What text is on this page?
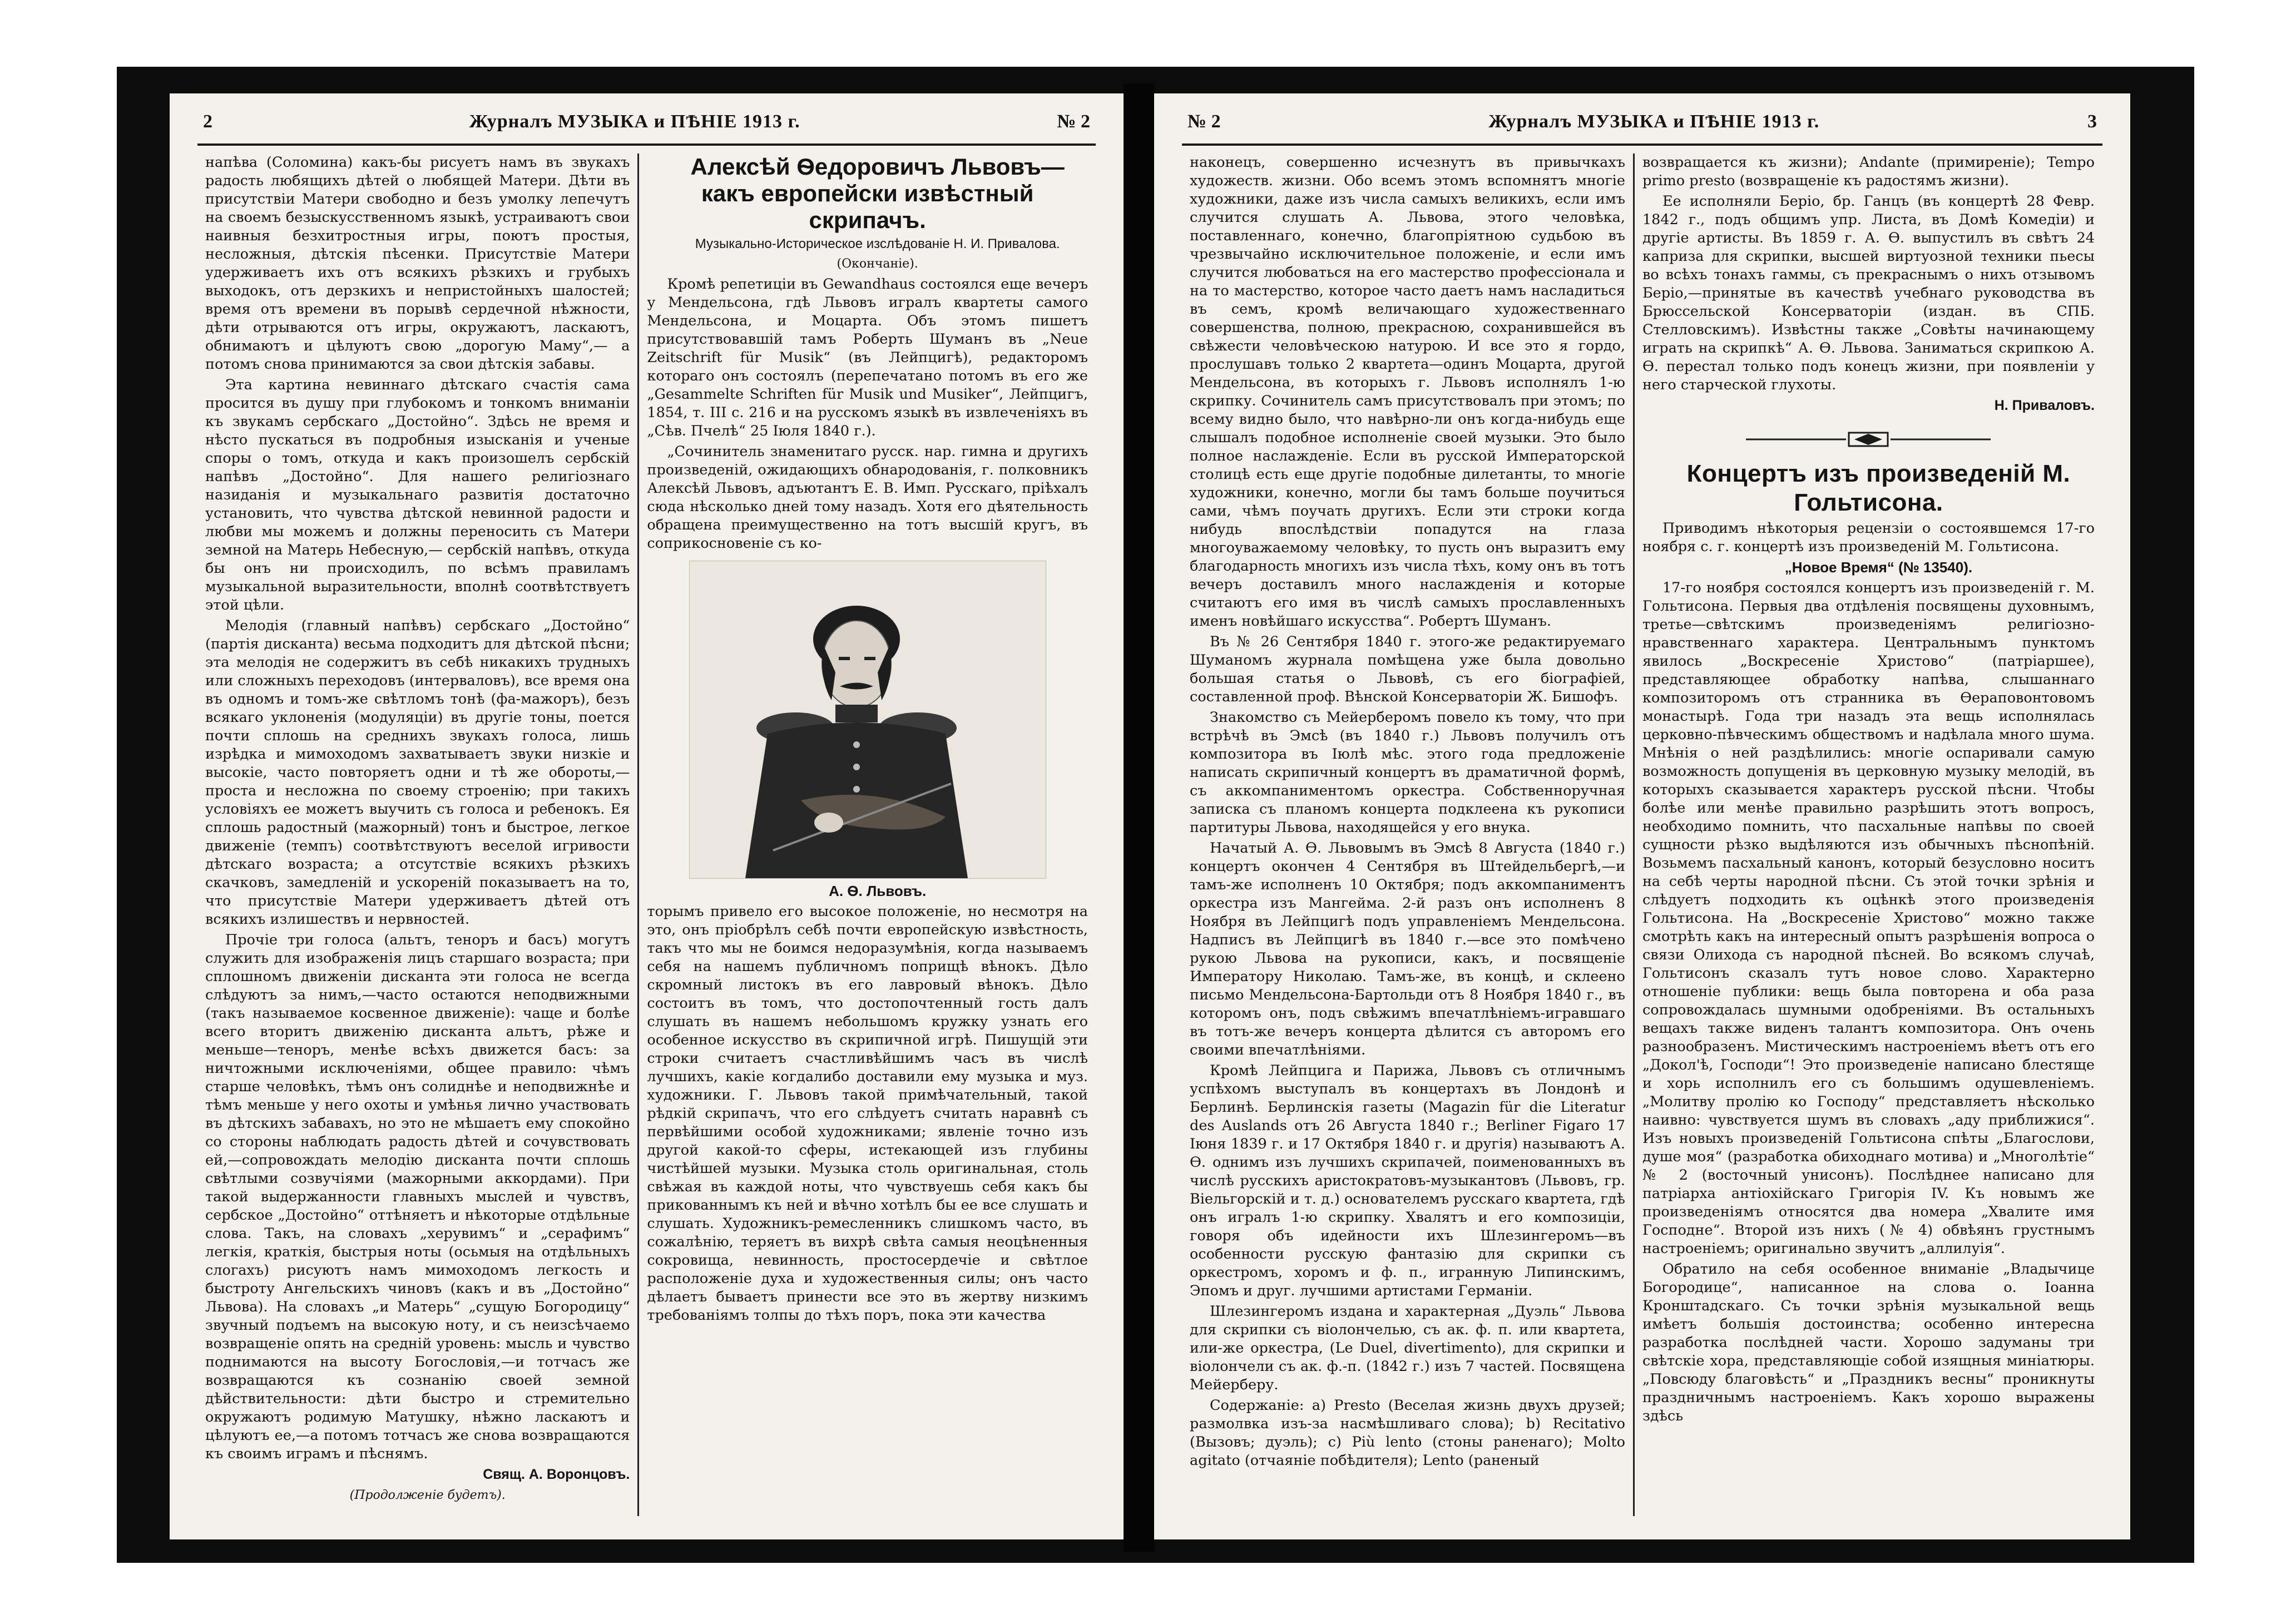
2	Журналъ МУЗЫКА и ПѢНІЕ 1913 г.	№ 2

напѣва (Соломина) какъ-бы рисуетъ намъ въ звукахъ радость любящихъ дѣтей о любящей Матери. Дѣти въ присутствіи Матери свободно и безъ умолку лепечутъ на своемъ безыскусственномъ языкѣ, устраиваютъ свои наивныя безхитростныя игры, поютъ простыя, несложныя, дѣтскія пѣсенки. Присутствіе Матери удерживаетъ ихъ отъ всякихъ рѣзкихъ и грубыхъ выходокъ, отъ дерзкихъ и непристойныхъ шалостей; время отъ времени въ порывѣ сердечной нѣжности, дѣти отрываются отъ игры, окружаютъ, ласкаютъ, обнимаютъ и цѣлуютъ свою „дорогую Маму“,— а потомъ снова принимаются за свои дѣтскія забавы.

Эта картина невиннаго дѣтскаго счастія сама просится въ душу при глубокомъ и тонкомъ вниманіи къ звукамъ сербскаго „Достойно“. Здѣсь не время и нѣсто пускаться въ подробныя изысканія и ученые споры о томъ, откуда и какъ произошелъ сербскій напѣвъ „Достойно“. Для нашего религіознаго назиданія и музыкальнаго развитія достаточно установить, что чувства дѣтской невинной радости и любви мы можемъ и должны переносить съ Матери земной на Матерь Небесную,— сербскій напѣвъ, откуда бы онъ ни происходилъ, по всѣмъ правиламъ музыкальной выразительности, вполнѣ соотвѣтствуетъ этой цѣли.

Мелодія (главный напѣвъ) сербскаго „Достойно“ (партія дисканта) весьма подходитъ для дѣтской пѣсни; эта мелодія не содержитъ въ себѣ никакихъ трудныхъ или сложныхъ переходовъ (интерваловъ), все время она въ одномъ и томъ-же свѣтломъ тонѣ (фа-мажоръ), безъ всякаго уклоненія (модуляціи) въ другіе тоны, поется почти сплошь на среднихъ звукахъ голоса, лишь изрѣдка и мимоходомъ захватываетъ звуки низкіе и высокіе, часто повторяетъ одни и тѣ же обороты,—проста и несложна по своему строенію; при такихъ условіяхъ ее можетъ выучить съ голоса и ребенокъ. Ея сплошь радостный (мажорный) тонъ и быстрое, легкое движеніе (темпъ) соотвѣтствуютъ веселой игривости дѣтскаго возраста; а отсутствіе всякихъ рѣзкихъ скачковъ, замедленій и ускореній показываетъ на то, что присутствіе Матери удерживаетъ дѣтей отъ всякихъ излишествъ и нервностей.

Прочіе три голоса (альтъ, теноръ и басъ) могутъ служить для изображенія лицъ старшаго возраста; при сплошномъ движеніи дисканта эти голоса не всегда слѣдуютъ за нимъ,—часто остаются неподвижными (такъ называемое косвенное движеніе): чаще и болѣе всего вторитъ движенію дисканта альтъ, рѣже и меньше—теноръ, менѣе всѣхъ движется басъ: за ничтожными исключеніями, общее правило: чѣмъ старше человѣкъ, тѣмъ онъ солиднѣе и неподвижнѣе и тѣмъ меньше у него охоты и умѣнья лично участвовать въ дѣтскихъ забавахъ, но это не мѣшаетъ ему спокойно со стороны наблюдать радость дѣтей и сочувствовать ей,—сопровождать мелодію дисканта почти сплошь свѣтлыми созвучіями (мажорными аккордами). При такой выдержанности главныхъ мыслей и чувствъ, сербское „Достойно“ оттѣняетъ и нѣкоторые отдѣльные слова. Такъ, на словахъ „херувимъ“ и „серафимъ“ легкія, краткія, быстрыя ноты (осьмыя на отдѣльныхъ слогахъ) рисуютъ намъ мимоходомъ легкость и быстроту Ангельскихъ чиновъ (какъ и въ „Достойно“ Львова). На словахъ „и Матерь“ „сущую Богородицу“ звучный подъемъ на высокую ноту, и съ неизсѣчаемо возвращеніе опять на средній уровень: мысль и чувство поднимаются на высоту Богословія,—и тотчасъ же возвращаются къ сознанію своей земной дѣйствительности: дѣти быстро и стремительно окружаютъ родимую Матушку, нѣжно ласкаютъ и цѣлуютъ ее,—а потомъ тотчасъ же снова возвращаются къ своимъ играмъ и пѣснямъ.

Свящ. А. Воронцовъ.

(Продолженіе будетъ).

Алексѣй Ѳедоровичъ Львовъ—какъ европейски извѣстный скрипачъ.

Музыкально-Историческое изслѣдованіе Н. И. Привалова.

(Окончаніе).

Кромѣ репетиціи въ Gewandhaus состоялся еще вечеръ у Мендельсона, гдѣ Львовъ игралъ квартеты самого Мендельсона, и Моцарта. Объ этомъ пишетъ присутствовавшій тамъ Роберть Шуманъ въ „Neue Zeitschrift für Musik“ (въ Лейпцигѣ), редакторомъ котораго онъ состоялъ (перепечатано потомъ въ его же „Gesammelte Schriften für Musik und Musiker“, Лейпцигъ, 1854, т. III с. 216 и на русскомъ языкѣ въ извлеченіяхъ въ „Сѣв. Пчелѣ“ 25 Іюля 1840 г.).

„Сочинитель знаменитаго русск. нар. гимна и другихъ произведеній, ожидающихъ обнародованія, г. полковникъ Алексѣй Львовъ, адъютантъ Е. В. Имп. Русскаго, пріѣхалъ сюда нѣсколько дней тому назадъ. Хотя его дѣятельность обращена преимущественно на тотъ высшій кругъ, въ соприкосновеніе съ ко-

А. Ѳ. Львовъ.

торымъ привело его высокое положеніе, но несмотря на это, онъ пріобрѣлъ себѣ почти европейскую извѣстность, такъ что мы не боимся недоразумѣнія, когда называемъ себя на нашемъ публичномъ поприщѣ вѣнокъ. Дѣло скромный листокъ въ его лавровый вѣнокъ. Дѣло состоитъ въ томъ, что достопочтенный гость далъ слушать въ нашемъ небольшомъ кружку узнать его особенное искусство въ скрипичной игрѣ. Пишущій эти строки считаетъ счастливѣйшимъ часъ въ числѣ лучшихъ, какіе когдалибо доставили ему музыка и муз. художники. Г. Львовъ такой примѣчательный, такой рѣдкій скрипачъ, что его слѣдуетъ считать наравнѣ съ первѣйшими особой художниками; явленіе точно изъ другой какой-то сферы, истекающей изъ глубины чистѣйшей музыки. Музыка столь оригинальная, столь свѣжая въ каждой ноты, что чувствуешь себя какъ бы прикованнымъ къ ней и вѣчно хотѣлъ бы ее все слушать и слушать. Художникъ-ремесленникъ слишкомъ часто, въ сожалѣнію, теряетъ въ вихрѣ свѣта самыя неоцѣненныя сокровища, невинность, простосердечіе и свѣтлое расположеніе духа и художественныя силы; онъ часто дѣлаетъ бываетъ принести все это въ жертву низкимъ требованіямъ толпы до тѣхъ поръ, пока эти качества

№ 2	Журналъ МУЗЫКА и ПѢНІЕ 1913 г.	3

наконецъ, совершенно исчезнутъ въ привычкахъ художеств. жизни. Обо всемъ этомъ вспомнятъ многіе художники, даже изъ числа самыхъ великихъ, если имъ случится слушать А. Львова, этого человѣка, поставленнаго, конечно, благопріятною судьбою въ чрезвычайно исключительное положеніе, и если имъ случится любоваться на его мастерство профессіонала и на то мастерство, которое часто даетъ намъ насладиться въ семъ, кромѣ величающаго художественнаго совершенства, полною, прекрасною, сохранившейся въ свѣжести человѣческою натурою. И все это я гордо, прослушавъ только 2 квартета—одинъ Моцарта, другой Мендельсона, въ которыхъ г. Львовъ исполнялъ 1-ю скрипку. Сочинитель самъ присутствовалъ при этомъ; по всему видно было, что навѣрно-ли онъ когда-нибудь еще слышалъ подобное исполненіе своей музыки. Это было полное наслажденіе. Если въ русской Императорской столицѣ есть еще другіе подобные дилетанты, то многіе художники, конечно, могли бы тамъ больше поучиться сами, чѣмъ поучать другихъ. Если эти строки когда нибудь впослѣдствіи попадутся на глаза многоуважаемому человѣку, то пусть онъ выразитъ ему благодарность многихъ изъ числа тѣхъ, кому онъ въ тотъ вечеръ доставилъ много наслажденія и которые считаютъ его имя въ числѣ самыхъ прославленныхъ именъ новѣйшаго искусства“. Робертъ Шуманъ.

Въ № 26 Сентября 1840 г. этого-же редактируемаго Шуманомъ журнала помѣщена уже была довольно большая статья о Львовѣ, съ его біографіей, составленной проф. Вѣнской Консерваторіи Ж. Бишофъ.

Знакомство съ Мейерберомъ повело къ тому, что при встрѣчѣ въ Эмсѣ (въ 1840 г.) Львовъ получилъ отъ композитора въ Іюлѣ мѣс. этого года предложеніе написать скрипичный концертъ въ драматичной формѣ, съ аккомпаниментомъ оркестра. Собственноручная записка съ планомъ концерта подклеена къ рукописи партитуры Львова, находящейся у его внука.

Начатый А. Ѳ. Львовымъ въ Эмсѣ 8 Августа (1840 г.) концертъ окончен 4 Сентября въ Штейдельбергѣ,—и тамъ-же исполненъ 10 Октября; подъ аккомпаниментъ оркестра изъ Мангейма. 2-й разъ онъ исполненъ 8 Ноября въ Лейпцигѣ подъ управленіемъ Мендельсона. Надписъ въ Лейпцигѣ въ 1840 г.—все это помѣчено рукою Львова на рукописи, какъ, и посвященіе Императору Николаю. Тамъ-же, въ концѣ, и склеено письмо Мендельсона-Бартольди отъ 8 Ноября 1840 г., въ которомъ онъ, подъ свѣжимъ впечатлѣніемъ-игравшаго въ тотъ-же вечеръ концерта дѣлится съ авторомъ его своими впечатлѣніями.

Кромѣ Лейпцига и Парижа, Львовъ съ отличнымъ успѣхомъ выступалъ въ концертахъ въ Лондонѣ и Берлинѣ. Берлинскія газеты (Magazin für die Literatur des Auslands отъ 26 Августа 1840 г.; Berliner Figaro 17 Іюня 1839 г. и 17 Октября 1840 г. и другія) называютъ А. Ѳ. однимъ изъ лучшихъ скрипачей, поименованныхъ въ числѣ русскихъ аристократовъ-музыкантовъ (Львовъ, гр. Віельгорскій и т. д.) основателемъ русскаго квартета, гдѣ онъ игралъ 1-ю скрипку. Хвалятъ и его композиціи, говоря объ идейности ихъ Шлезингеромъ—въ особенности русскую фантазію для скрипки съ оркестромъ, хоромъ и ф. п., игранную Липинскимъ, Эпомъ и друг. лучшими артистами Германіи.

Шлезингеромъ издана и характерная „Дуэль“ Львова для скрипки съ віолончелью, съ ак. ф. п. или квартета, или-же оркестра, (Le Duel, divertimento), для скрипки и віолончели съ ак. ф.-п. (1842 г.) изъ 7 частей. Посвящена Мейерберу.

Содержаніе: a) Presto (Веселая жизнь двухъ друзей; размолвка изъ-за насмѣшливаго слова); b) Recitativo (Вызовъ; дуэль); c) Più lento (стоны раненаго); Molto agitato (отчаяніе побѣдителя); Lento (раненый

возвращается къ жизни); Andante (примиреніе); Tempo primo presto (возвращеніе къ радостямъ жизни).

Ее исполняли Берiо, бр. Ганцъ (въ концертѣ 28 Февр. 1842 г., подъ общимъ упр. Листа, въ Домѣ Комедіи) и другіе артисты. Въ 1859 г. А. Ѳ. выпустилъ въ свѣтъ 24 каприза для скрипки, высшей виртуозной техники пьесы во всѣхъ тонахъ гаммы, съ прекраснымъ о нихъ отзывомъ Берiо,—принятые въ качествѣ учебнаго руководства въ Брюссельской Консерваторіи (издан. въ СПБ. Стелловскимъ). Извѣстны также „Совѣты начинающему играть на скрипкѣ“ А. Ѳ. Львова. Заниматься скрипкою А. Ѳ. перестал только подъ конецъ жизни, при появленіи у него старческой глухоты.

Н. Приваловъ.

Концертъ изъ произведеній М. Гольтисона.

Приводимъ нѣкоторыя рецензіи о состоявшемся 17-го ноября с. г. концертѣ изъ произведеній М. Гольтисона.

„Новое Время“ (№ 13540).

17-го ноября состоялся концертъ изъ произведеній г. М. Гольтисона. Первыя два отдѣленія посвящены духовнымъ, третье—свѣтскимъ произведеніямъ религіозно-нравственнаго характера. Центральнымъ пунктомъ явилось „Воскресеніе Христово“ (патріаршее), представляющее обработку напѣва, слышаннаго композиторомъ отъ странника въ Ѳераповонтовомъ монастырѣ. Года три назадъ эта вещь исполнялась церковно-пѣвческимъ обществомъ и надѣлала много шума. Мнѣнія о ней раздѣлились: многіе оспаривали самую возможность допущенія въ церковную музыку мелодій, въ которыхъ сказывается характеръ русской пѣсни. Чтобы болѣе или менѣе правильно разрѣшить этотъ вопросъ, необходимо помнить, что пасхальные напѣвы по своей сущности рѣзко выдѣляются изъ обычныхъ пѣснопѣній. Возьмемъ пасхальный канонъ, который безусловно носитъ на себѣ черты народной пѣсни. Съ этой точки зрѣнія и слѣдуетъ подходить къ оцѣнкѣ этого произведенія Гольтисона. На „Воскресеніе Христово“ можно также смотрѣть какъ на интересный опытъ разрѣшенія вопроса о связи Олихода съ народной пѣсней. Во всякомъ случаѣ, Гольтисонъ сказалъ тутъ новое слово. Характерно отношеніе публики: вещь была повторена и оба раза сопровождалась шумными одобреніями. Въ остальныхъ вещахъ также виденъ талантъ композитора. Онъ очень разнообразенъ. Мистическимъ настроеніемъ вѣетъ отъ его „Докол'ѣ, Господи“! Это произведеніе написано блестяще и хорь исполнилъ его съ большимъ одушевленіемъ. „Молитву пролію ко Господу“ представляетъ нѣсколько наивно: чувствуется шумъ въ словахъ „аду приближися“. Изъ новыхъ произведеній Гольтисона спѣты „Благослови, душе моя“ (разработка обиходнаго мотива) и „Многолѣтіе“ № 2 (восточный унисонъ). Послѣднее написано для патріарха антіохійскаго Григорія IV. Къ новымъ же произведеніямъ относятся два номера „Хвалите имя Господне“. Второй изъ нихъ (№ 4) обвѣянъ грустнымъ настроеніемъ; оригинально звучитъ „аллилуія“.

Обратило на себя особенное вниманіе „Владычице Богородице“, написанное на слова о. Іоанна Кронштадскаго. Съ точки зрѣнія музыкальной вещь имѣетъ большія достоинства; особенно интересна разработка послѣдней части. Хорошо задуманы три свѣтскіе хора, представляющіе собой изящныя миніатюры. „Повсюду благовѣсть“ и „Праздникъ весны“ проникнуты праздничнымъ настроеніемъ. Какъ хорошо выражены здѣсь
